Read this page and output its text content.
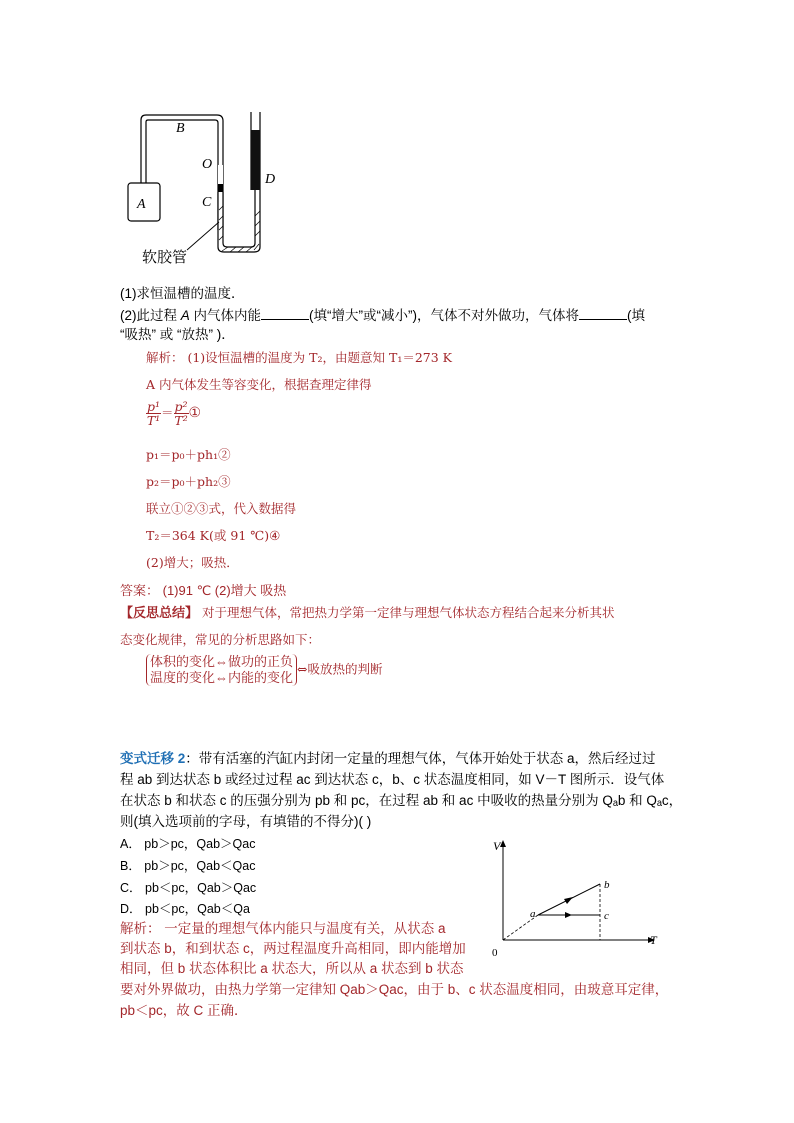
A
B
O
C
D
软胶管
(1)求恒温槽的温度．
(2)此过程 A 内气体内能	(填“增大”或“减小”)，气体不对外做功，气体将	(填
“吸热” 或 “放热” )．
解析： (1)设恒温槽的温度为 T₂，由题意知 T₁＝273 K
A 内气体发生等容变化，根据查理定律得
$\frac{\text{p¹}}{\text{T¹}} = \frac{\text{p²}}{\text{T²}}$ ①
p₁＝p₀＋ph₁②
p₂＝p₀＋ph₂③
联立①②③式，代入数据得
T₂＝364 K(或 91 ℃)④
(2)增大；吸热．
答案： (1)91 ℃ (2)增大 吸热
【反思总结】 对于理想气体，常把热力学第一定律与理想气体状态方程结合起来分析其状
态变化规律，常见的分析思路如下：
体积的变化⇔做功的正负
温度的变化⇔内能的变化
⇔吸放热的判断
变式迁移 2：带有活塞的汽缸内封闭一定量的理想气体，气体开始处于状态 a，然后经过过
程 ab 到达状态 b 或经过过程 ac 到达状态 c，b、c 状态温度相同，如 V－T 图所示．设气体
在状态 b 和状态 c 的压强分别为 pb 和 pc，在过程 ab 和 ac 中吸收的热量分别为 Qₐb 和 Qₐc，
则(填入选项前的字母，有填错的不得分)( )
A． pb＞pc，Qab＞Qac
B． pb＞pc，Qab＜Qac
C． pb＜pc，Qab＞Qac
D． pb＜pc，Qab＜Qa
解析： 一定量的理想气体内能只与温度有关，从状态 a
到状态 b，和到状态 c，两过程温度升高相同，即内能增加
相同，但 b 状态体积比 a 状态大，所以从 a 状态到 b 状态
要对外界做功，由热力学第一定律知 Qab＞Qac，由于 b、c 状态温度相同，由玻意耳定律，
pb＜pc，故 C 正确．
V
T
0
a
b
c
